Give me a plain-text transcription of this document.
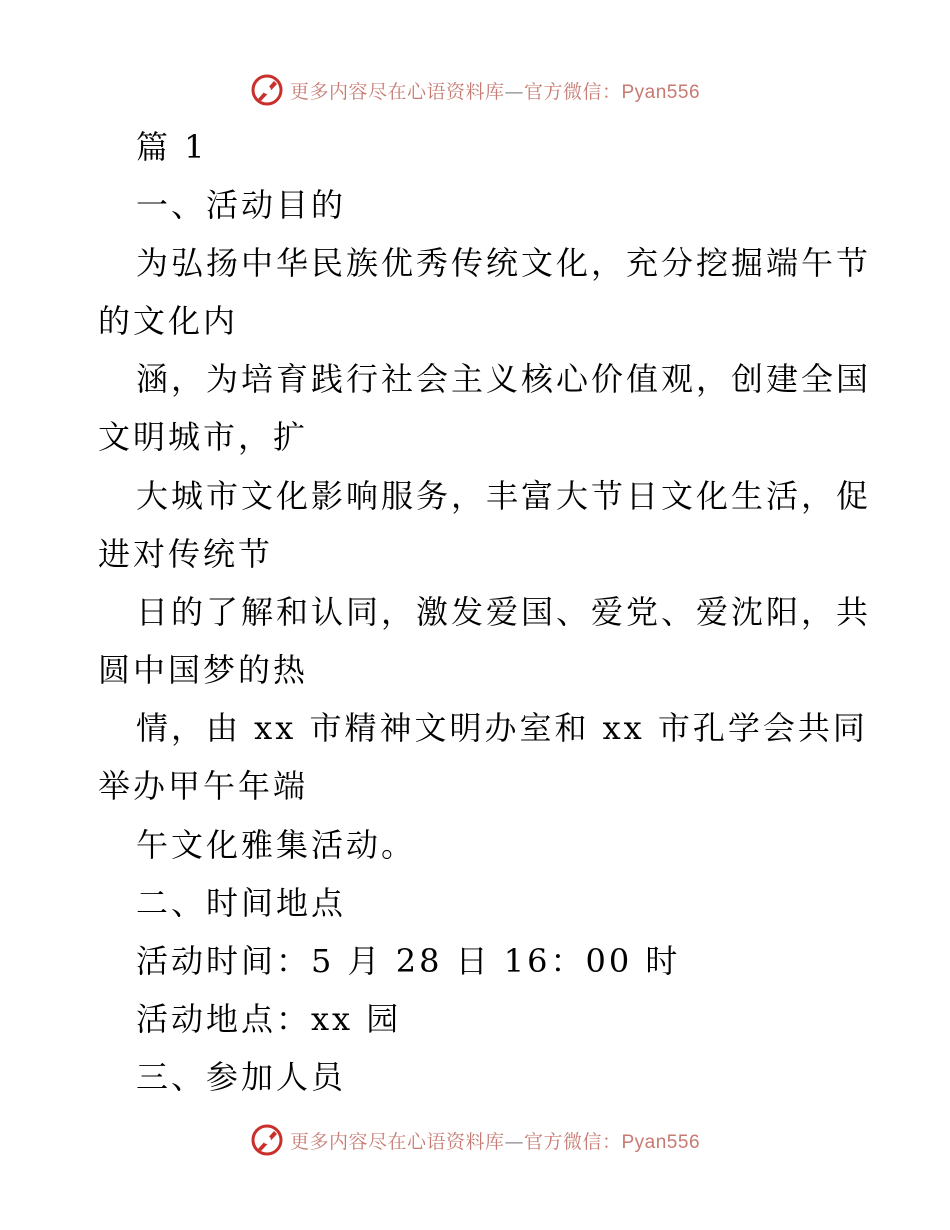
更多内容尽在心语资料库—官方微信：Pyan556
篇 1
一、活动目的
为弘扬中华民族优秀传统文化，充分挖掘端午节
的文化内
涵，为培育践行社会主义核心价值观，创建全国
文明城市，扩
大城市文化影响服务，丰富大节日文化生活，促
进对传统节
日的了解和认同，激发爱国、爱党、爱沈阳，共
圆中国梦的热
情，由 xx 市精神文明办室和 xx 市孔学会共同
举办甲午年端
午文化雅集活动。
二、时间地点
活动时间：5 月 28 日 16：00 时
活动地点：xx 园
三、参加人员
更多内容尽在心语资料库—官方微信：Pyan556
